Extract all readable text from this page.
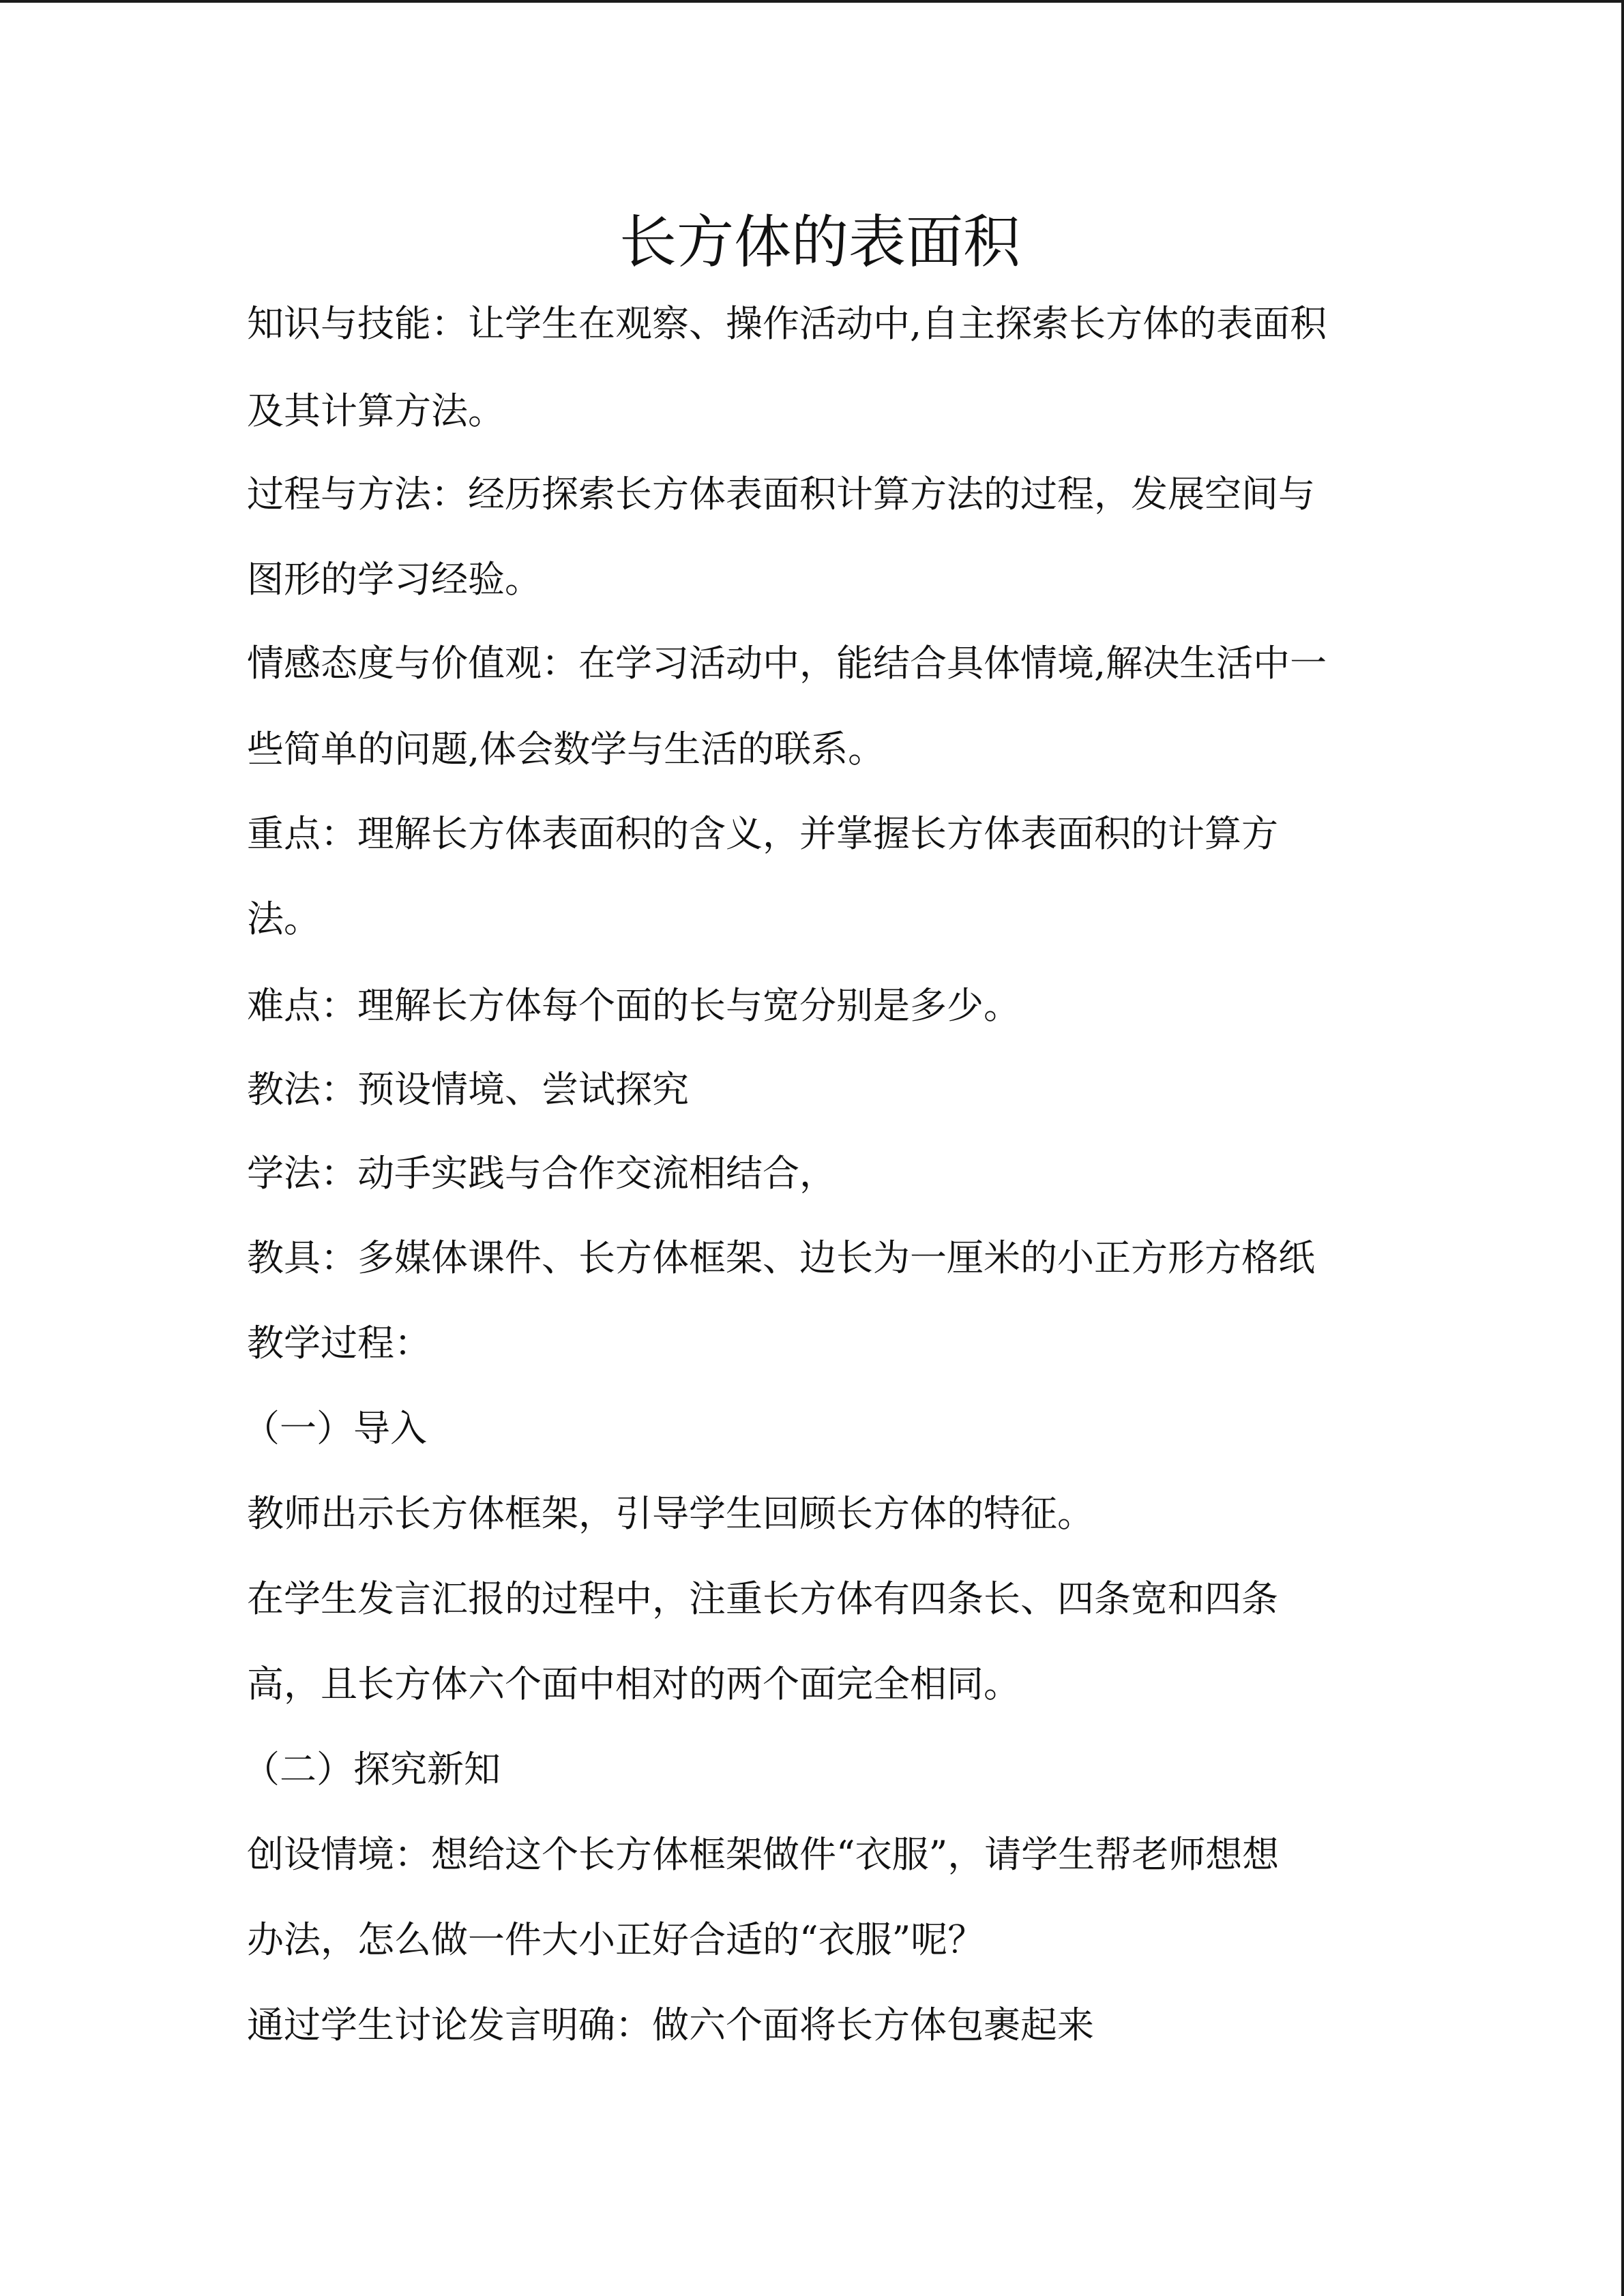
长方体的表面积

知识与技能：让学生在观察、操作活动中,自主探索长方体的表面积

及其计算方法。

过程与方法：经历探索长方体表面积计算方法的过程，发展空间与

图形的学习经验。

情感态度与价值观：在学习活动中，能结合具体情境,解决生活中一

些简单的问题,体会数学与生活的联系。

重点：理解长方体表面积的含义，并掌握长方体表面积的计算方

法。

难点：理解长方体每个面的长与宽分别是多少。

教法：预设情境、尝试探究

学法：动手实践与合作交流相结合，

教具：多媒体课件、长方体框架、边长为一厘米的小正方形方格纸

教学过程：

（一）导入

教师出示长方体框架，引导学生回顾长方体的特征。

在学生发言汇报的过程中，注重长方体有四条长、四条宽和四条

高，且长方体六个面中相对的两个面完全相同。

（二）探究新知

创设情境：想给这个长方体框架做件“衣服”，请学生帮老师想想

办法，怎么做一件大小正好合适的“衣服”呢？

通过学生讨论发言明确：做六个面将长方体包裹起来
